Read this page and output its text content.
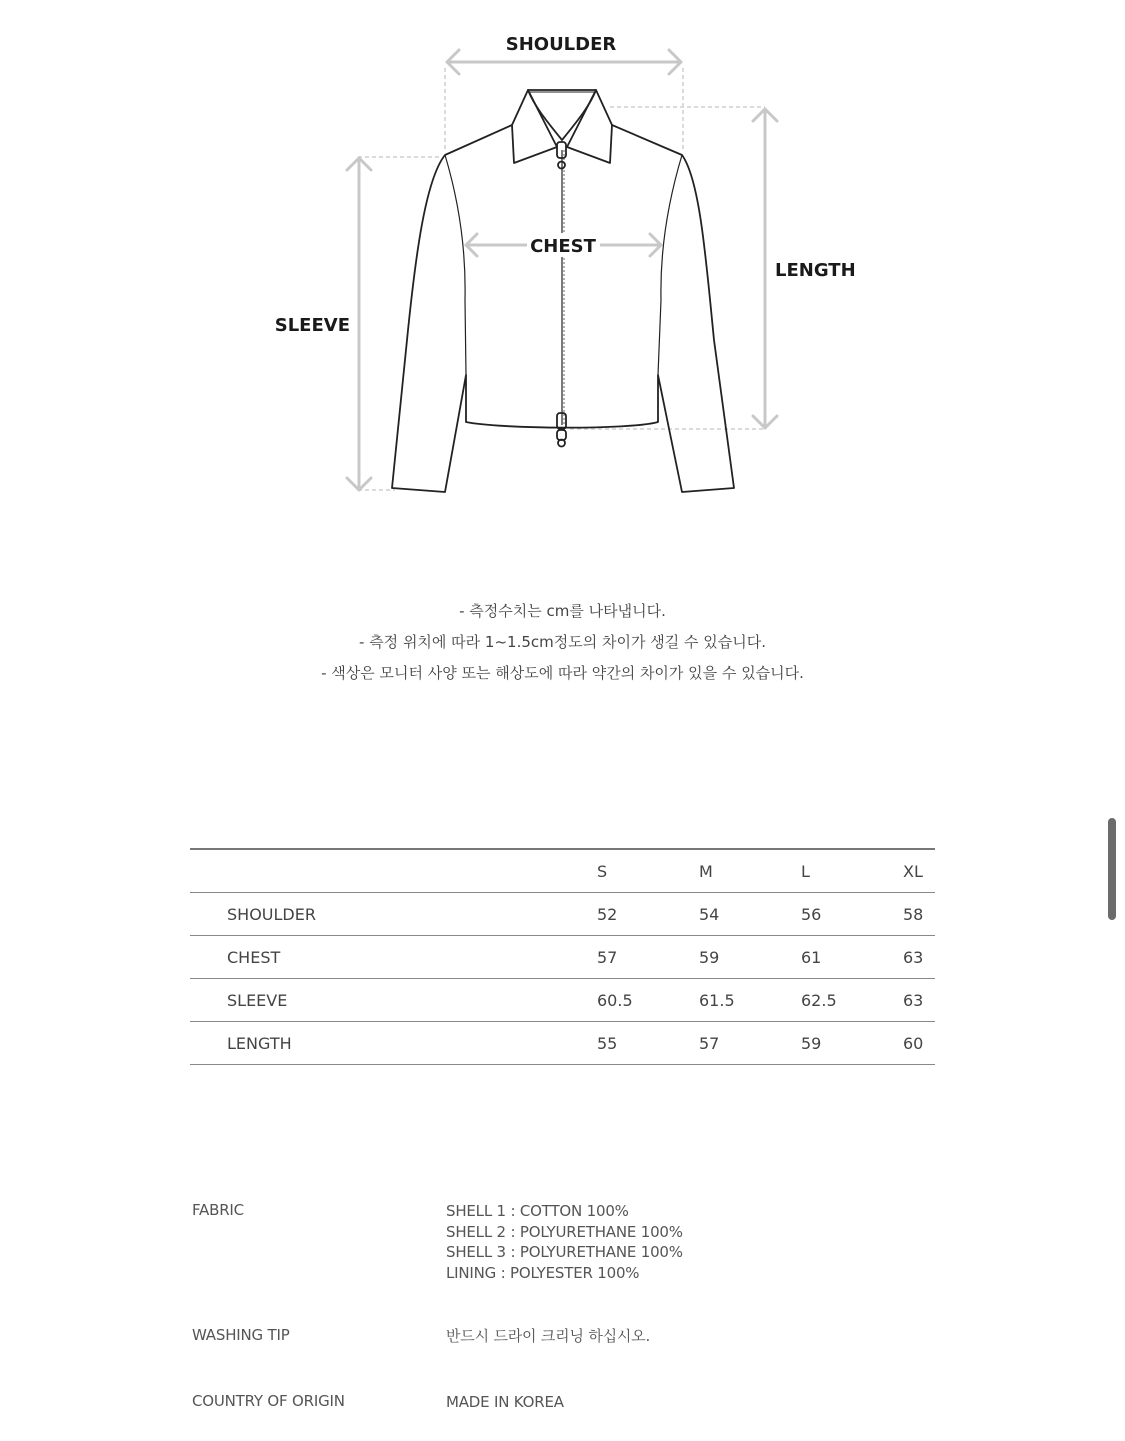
SHOULDER
CHEST
LENGTH
SLEEVE
- 측정수치는 cm를 나타냅니다.
- 측정 위치에 따라 1~1.5cm정도의 차이가 생길 수 있습니다.
- 색상은 모니터 사양 또는 해상도에 따라 약간의 차이가 있을 수 있습니다.
	S	M	L	XL
SHOULDER	52	54	56	58
CHEST	57	59	61	63
SLEEVE	60.5	61.5	62.5	63
LENGTH	55	57	59	60
FABRIC	SHELL 1 : COTTON 100%
SHELL 2 : POLYURETHANE 100%
SHELL 3 : POLYURETHANE 100%
LINING : POLYESTER 100%
WASHING TIP	반드시 드라이 크리닝 하십시오.
COUNTRY OF ORIGIN	MADE IN KOREA
